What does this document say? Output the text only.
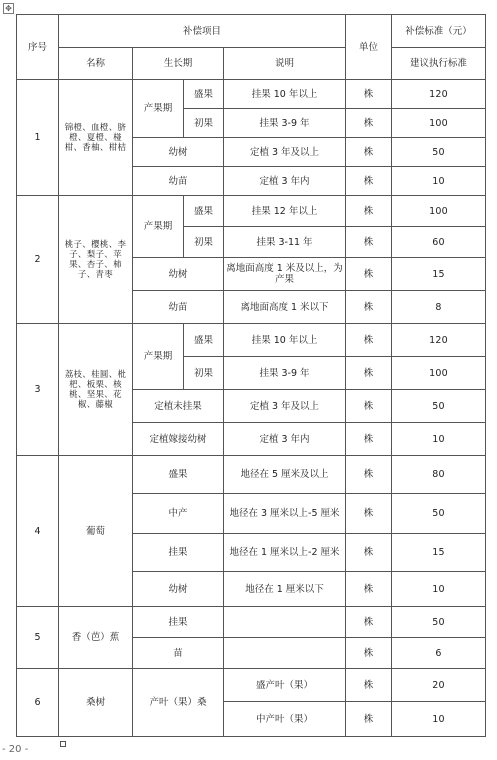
✥
序号	补偿项目				单位	补偿标准（元）
	名称	生长期		说明		建议执行标准
1	锦橙、血橙、脐橙、夏橙、椪柑、香柚、柑桔	产果期	盛果	挂果 10 年以上	株	120
			初果	挂果 3-9 年	株	100
		幼树		定植 3 年及以上	株	50
		幼苗		定植 3 年内	株	10
2	桃子、樱桃、李子、梨子、苹果、杏子、柿子、青枣	产果期	盛果	挂果 12 年以上	株	100
			初果	挂果 3-11 年	株	60
		幼树		离地面高度 1 米及以上，为产果	株	15
		幼苗		离地面高度 1 米以下	株	8
3	荔枝、桂圆、枇杷、板栗、核桃、坚果、花椒、藤椒	产果期	盛果	挂果 10 年以上	株	120
			初果	挂果 3-9 年	株	100
		定植未挂果		定植 3 年及以上	株	50
		定植嫁接幼树		定植 3 年内	株	10
4	葡萄	盛果		地径在 5 厘米及以上	株	80
		中产		地径在 3 厘米以上-5 厘米	株	50
		挂果		地径在 1 厘米以上-2 厘米	株	15
		幼树		地径在 1 厘米以下	株	10
5	香（芭）蕉	挂果			株	50
		苗			株	6
6	桑树	产叶（果）桑		盛产叶（果）	株	20
				中产叶（果）	株	10
- 20 -
